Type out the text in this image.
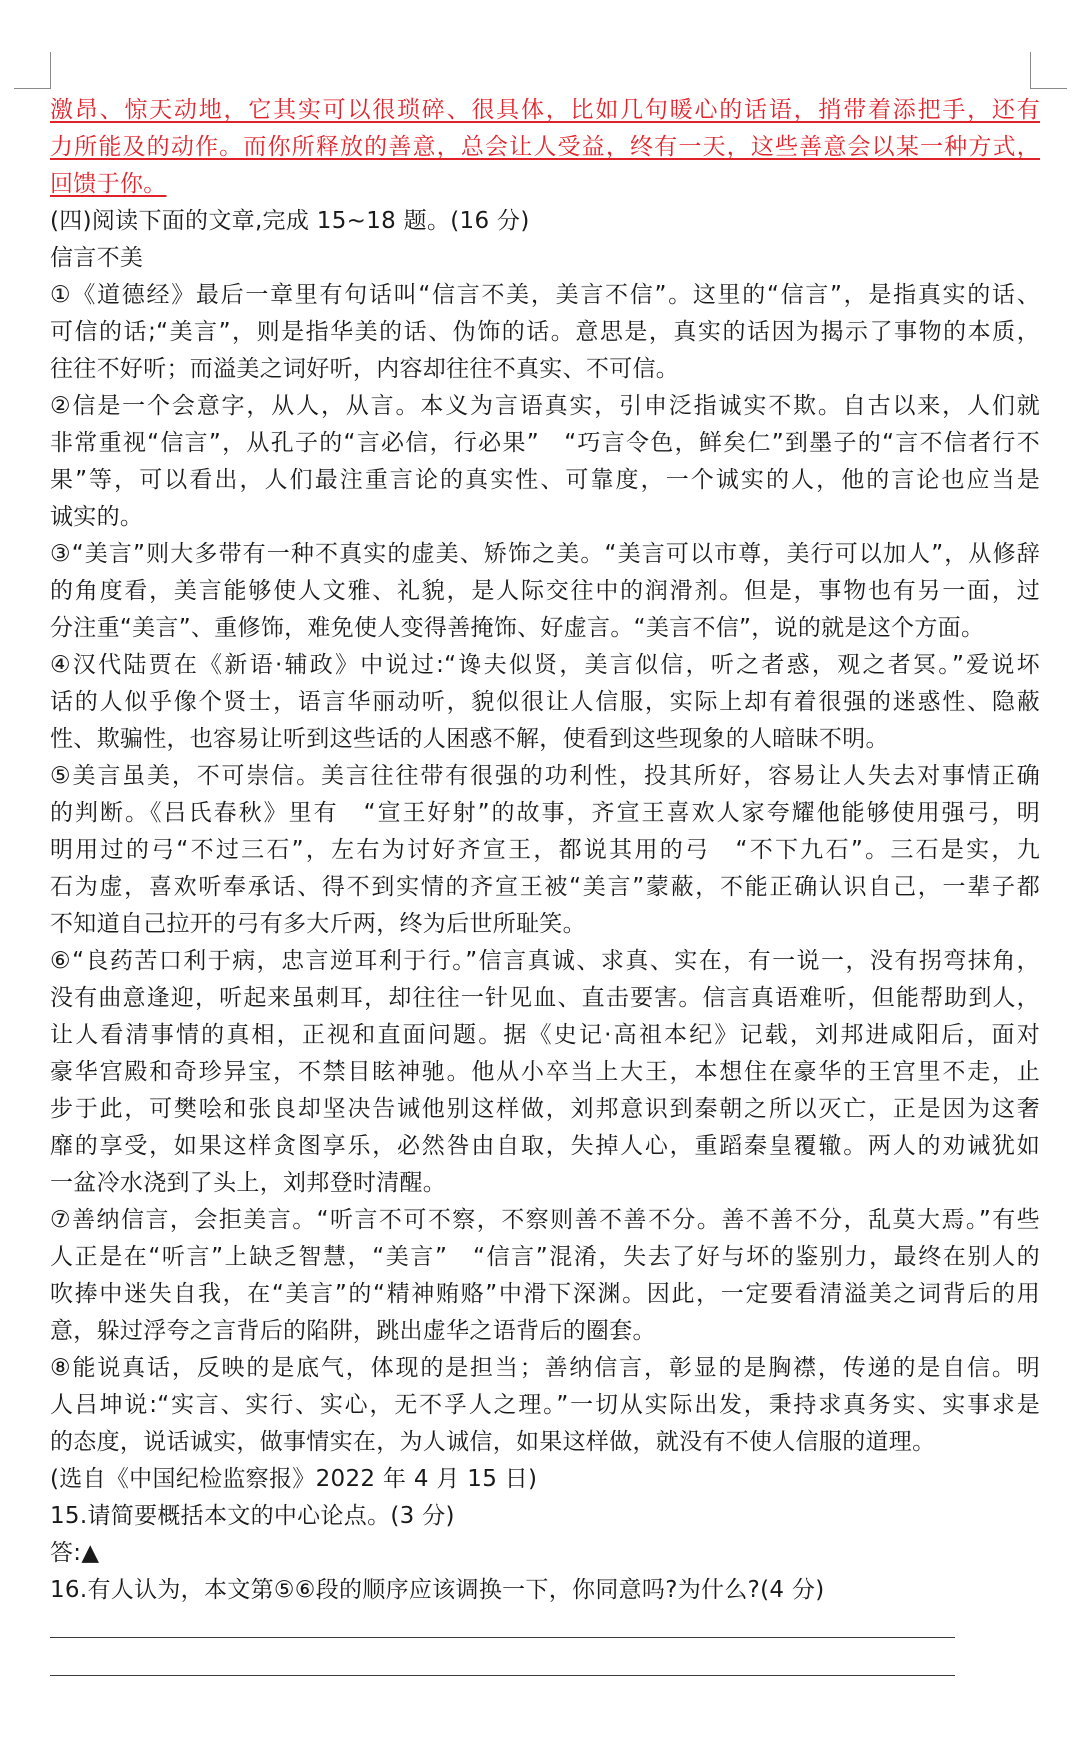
激昂、惊天动地，它其实可以很琐碎、很具体，比如几句暖心的话语，捎带着添把手，还有
力所能及的动作。而你所释放的善意，总会让人受益，终有一天，这些善意会以某一种方式，
回馈于你。
(四)阅读下面的文章,完成 15~18 题。(16 分)
信言不美
①《道德经》最后一章里有句话叫“信言不美，美言不信”。这里的“信言”，是指真实的话、
可信的话;“美言”，则是指华美的话、伪饰的话。意思是，真实的话因为揭示了事物的本质，
往往不好听；而溢美之词好听，内容却往往不真实、不可信。
②信是一个会意字，从人，从言。本义为言语真实，引申泛指诚实不欺。自古以来，人们就
非常重视“信言”，从孔子的“言必信，行必果”　“巧言令色，鲜矣仁”到墨子的“言不信者行不
果”等，可以看出，人们最注重言论的真实性、可靠度，一个诚实的人，他的言论也应当是
诚实的。
③“美言”则大多带有一种不真实的虚美、矫饰之美。“美言可以市尊，美行可以加人”，从修辞
的角度看，美言能够使人文雅、礼貌，是人际交往中的润滑剂。但是，事物也有另一面，过
分注重“美言”、重修饰，难免使人变得善掩饰、好虚言。“美言不信”，说的就是这个方面。
④汉代陆贾在《新语·辅政》中说过:“谗夫似贤，美言似信，听之者惑，观之者冥。”爱说坏
话的人似乎像个贤士，语言华丽动听，貌似很让人信服，实际上却有着很强的迷惑性、隐蔽
性、欺骗性，也容易让听到这些话的人困惑不解，使看到这些现象的人暗昧不明。
⑤美言虽美，不可崇信。美言往往带有很强的功利性，投其所好，容易让人失去对事情正确
的判断。《吕氏春秋》里有　“宣王好射”的故事，齐宣王喜欢人家夸耀他能够使用强弓，明
明用过的弓“不过三石”，左右为讨好齐宣王，都说其用的弓　“不下九石”。三石是实，九
石为虚，喜欢听奉承话、得不到实情的齐宣王被“美言”蒙蔽，不能正确认识自己，一辈子都
不知道自己拉开的弓有多大斤两，终为后世所耻笑。
⑥“良药苦口利于病，忠言逆耳利于行。”信言真诚、求真、实在，有一说一，没有拐弯抹角，
没有曲意逢迎，听起来虽刺耳，却往往一针见血、直击要害。信言真语难听，但能帮助到人，
让人看清事情的真相，正视和直面问题。据《史记·高祖本纪》记载，刘邦进咸阳后，面对
豪华宫殿和奇珍异宝，不禁目眩神驰。他从小卒当上大王，本想住在豪华的王宫里不走，止
步于此，可樊哙和张良却坚决告诫他别这样做，刘邦意识到秦朝之所以灭亡，正是因为这奢
靡的享受，如果这样贪图享乐，必然咎由自取，失掉人心，重蹈秦皇覆辙。两人的劝诫犹如
一盆冷水浇到了头上，刘邦登时清醒。
⑦善纳信言，会拒美言。“听言不可不察，不察则善不善不分。善不善不分，乱莫大焉。”有些
人正是在“听言”上缺乏智慧，“美言”　“信言”混淆，失去了好与坏的鉴别力，最终在别人的
吹捧中迷失自我，在“美言”的“精神贿赂”中滑下深渊。因此，一定要看清溢美之词背后的用
意，躲过浮夸之言背后的陷阱，跳出虚华之语背后的圈套。
⑧能说真话，反映的是底气，体现的是担当；善纳信言，彰显的是胸襟，传递的是自信。明
人吕坤说:“实言、实行、实心，无不孚人之理。”一切从实际出发，秉持求真务实、实事求是
的态度，说话诚实，做事情实在，为人诚信，如果这样做，就没有不使人信服的道理。
(选自《中国纪检监察报》2022 年 4 月 15 日)
15.请简要概括本文的中心论点。(3 分)
答:▲
16.有人认为，本文第⑤⑥段的顺序应该调换一下，你同意吗?为什么?(4 分)
